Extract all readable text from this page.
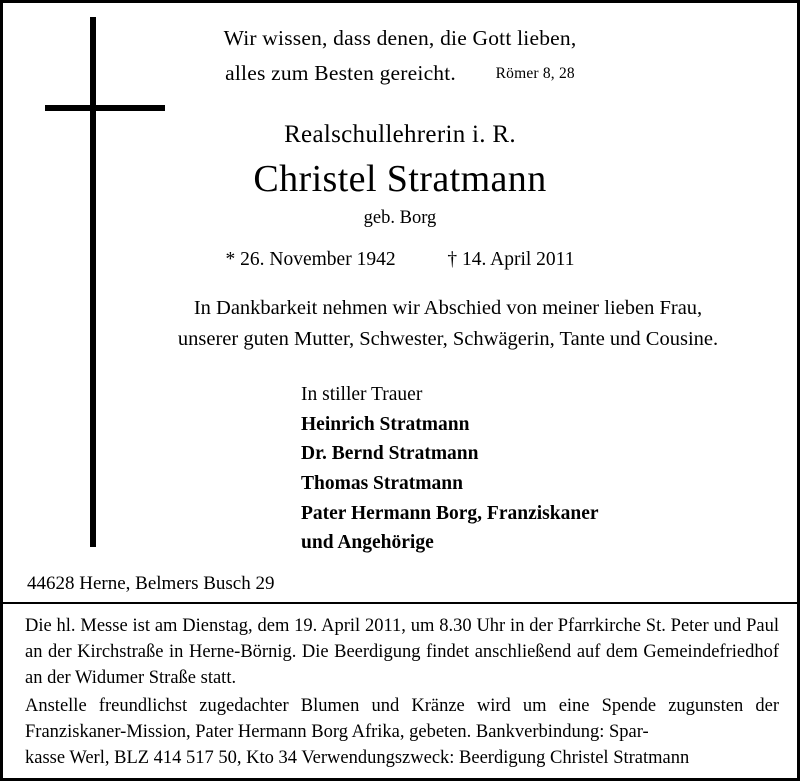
Wir wissen, dass denen, die Gott lieben,
alles zum Besten gereicht.	Römer 8, 28
Realschullehrerin i. R.
Christel Stratmann
geb. Borg
* 26. November 1942	† 14. April 2011
In Dankbarkeit nehmen wir Abschied von meiner lieben Frau,
unserer guten Mutter, Schwester, Schwägerin, Tante und Cousine.
In stiller Trauer
Heinrich Stratmann
Dr. Bernd Stratmann
Thomas Stratmann
Pater Hermann Borg, Franziskaner
und Angehörige
44628 Herne, Belmers Busch 29

Die hl. Messe ist am Dienstag, dem 19. April 2011, um 8.30 Uhr in der Pfarrkirche St. Peter und Paul an der Kirchstraße in Herne-Börnig. Die Beerdigung findet anschließend auf dem Gemeindefriedhof an der Widumer Straße statt.

Anstelle freundlichst zugedachter Blumen und Kränze wird um eine Spende zugunsten der Franziskaner-Mission, Pater Hermann Borg Afrika, gebeten. Bankverbindung: Spar-
kasse Werl, BLZ 414 517 50, Kto 34 Verwendungszweck: Beerdigung Christel Stratmann
